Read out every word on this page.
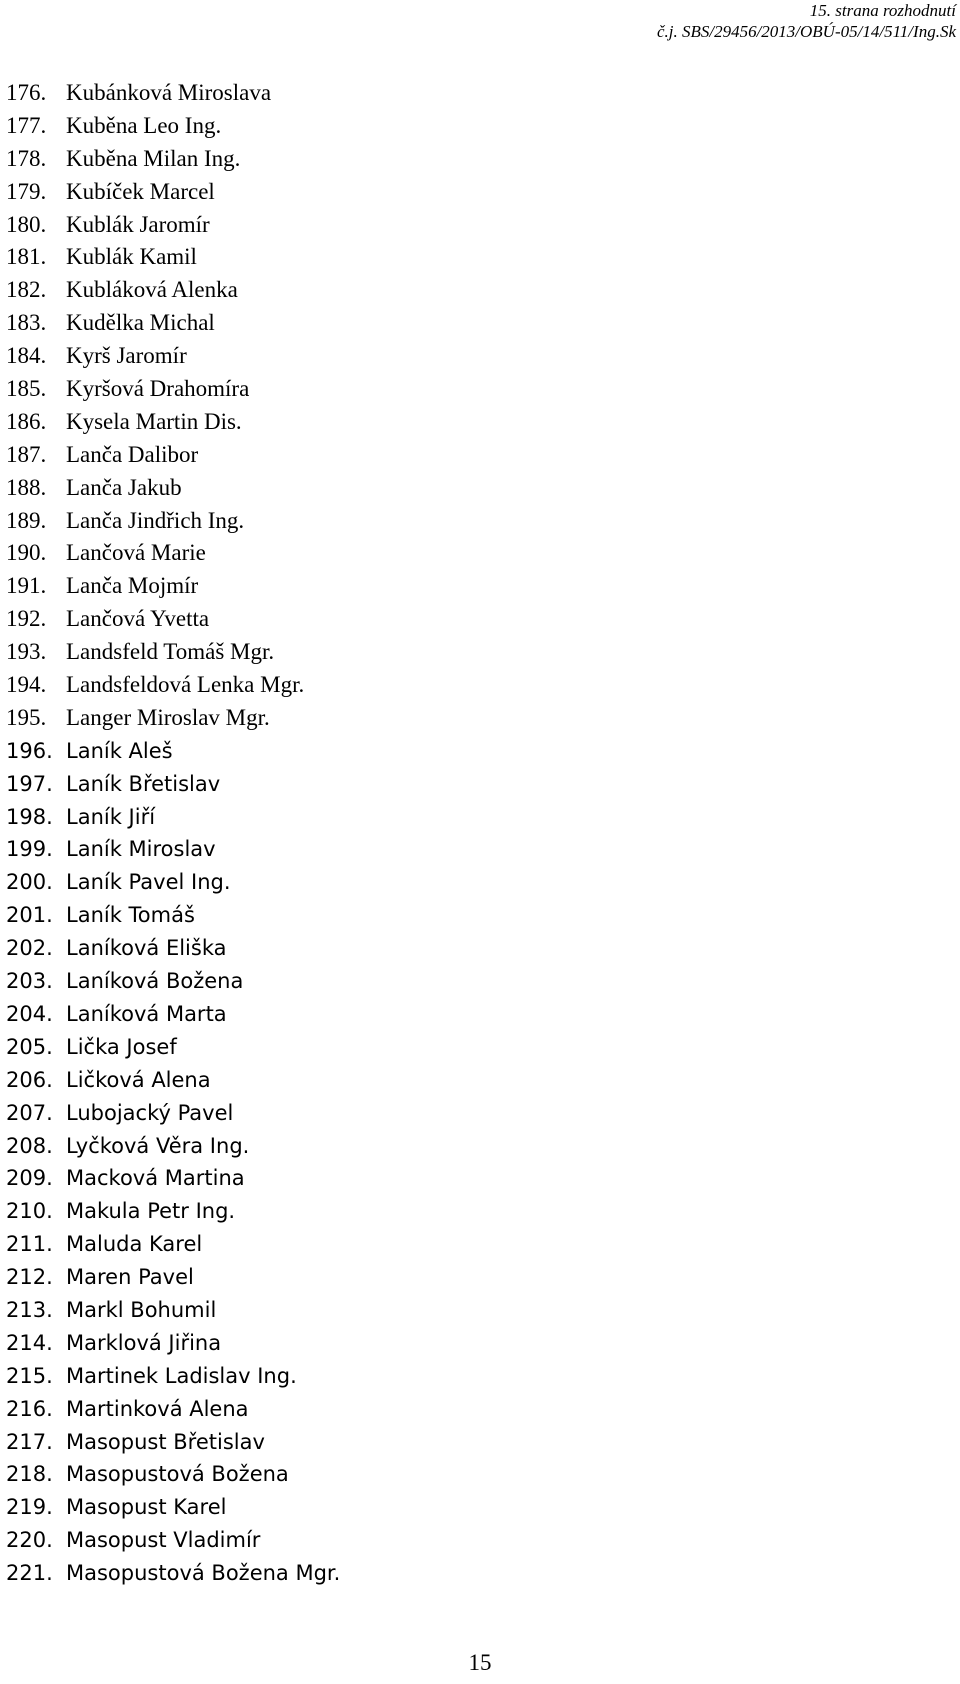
15. strana rozhodnutí
č.j. SBS/29456/2013/OBÚ-05/14/511/Ing.Sk
176. Kubánková Miroslava
177. Kuběna Leo Ing.
178. Kuběna Milan Ing.
179. Kubíček Marcel
180. Kublák Jaromír
181. Kublák Kamil
182. Kubláková Alenka
183. Kudělka Michal
184. Kyrš Jaromír
185. Kyršová Drahomíra
186. Kysela Martin Dis.
187. Lanča Dalibor
188. Lanča Jakub
189. Lanča Jindřich Ing.
190. Lančová Marie
191. Lanča Mojmír
192. Lančová Yvetta
193. Landsfeld Tomáš Mgr.
194. Landsfeldová Lenka Mgr.
195. Langer Miroslav Mgr.
196. Laník Aleš
197. Laník Břetislav
198. Laník Jiří
199. Laník Miroslav
200. Laník Pavel Ing.
201. Laník Tomáš
202. Laníková Eliška
203. Laníková Božena
204. Laníková Marta
205. Lička Josef
206. Ličková Alena
207. Lubojacký Pavel
208. Lyčková Věra Ing.
209. Macková Martina
210. Makula Petr Ing.
211. Maluda Karel
212. Maren Pavel
213. Markl Bohumil
214. Marklová Jiřina
215. Martinek Ladislav Ing.
216. Martinková Alena
217. Masopust Břetislav
218. Masopustová Božena
219. Masopust Karel
220. Masopust Vladimír
221. Masopustová Božena Mgr.
15
